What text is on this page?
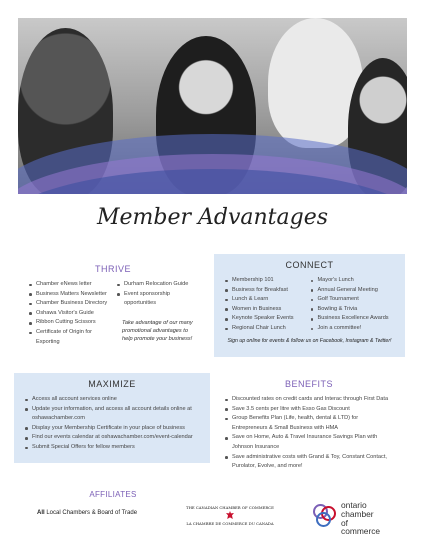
Member Advantages
THRIVE
Chamber eNews letter
Business Matters Newsletter
Chamber Business Directory
Oshawa Visitor's Guide
Ribbon Cutting Scissors
Certificate of Origin for Exporting
Durham Relocation Guide
Event sponsorship opportunities
Take advantage of our many promotional advantages to help promote your business!
CONNECT
Membership 101
Business for Breakfast
Lunch & Learn
Women in Business
Keynote Speaker Events
Regional Chair Lunch
Mayor's Lunch
Annual General Meeting
Golf Tournament
Bowling & Trivia
Business Excellence Awards
Join a committee!
Sign up online for events & follow us on Facebook, Instagram & Twitter!
MAXIMIZE
Access all account services online
Update your information, and access all account details online at oshawachamber.com
Display your Membership Certificate in your place of business
Find our events calendar at oshawachamber.com/event-calendar
Submit Special Offers for fellow members
BENEFITS
Discounted rates on credit cards and Interac through First Data
Save 3.5 cents per litre with Esso Gas Discount
Group Benefits Plan (Life, health, dental & LTD) for Entrepreneurs & Small Business with HMA
Save on Home, Auto & Travel Insurance Savings Plan with Johnson Insurance
Save administrative costs with Grand & Toy, Constant Contact, Purolator, Evolve, and more!
AFFILIATES
All Local Chambers & Board of Trade
THE CANADIAN CHAMBER OF COMMERCE
LA CHAMBRE DE COMMERCE DU CANADA
ontario
chamber
of
commerce
